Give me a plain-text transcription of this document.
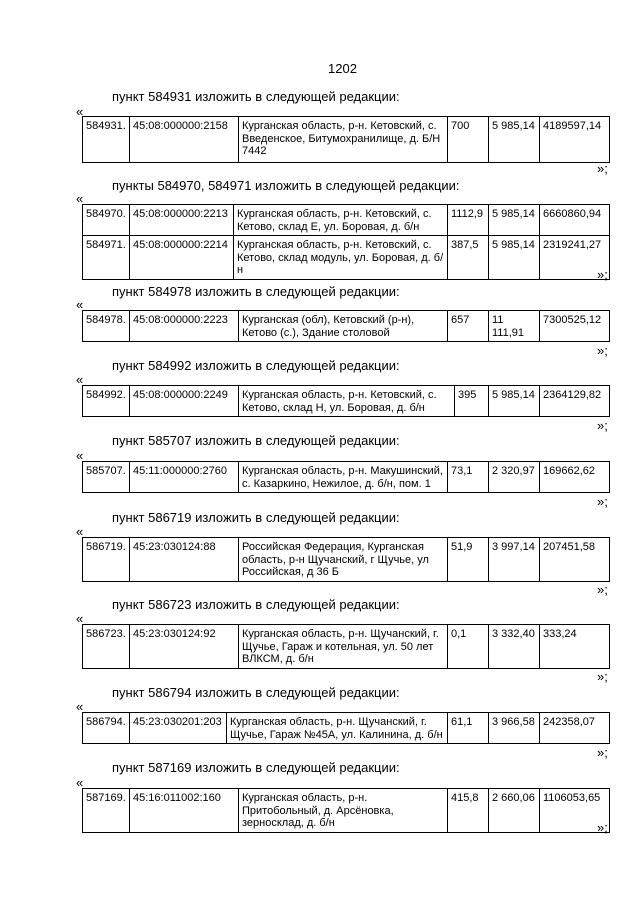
1202
пункт 584931 изложить в следующей редакции:
«
584931.	45:08:000000:2158	Курганская область, р-н. Кетовский, с. Введенское, Битумохранилище, д. Б/Н 7442	700	5 985,14	4189597,14
»;
пункты 584970, 584971 изложить в следующей редакции:
«
584970.	45:08:000000:2213	Курганская область, р-н. Кетовский, с. Кетово, склад Е, ул. Боровая, д. б/н	1112,9	5 985,14	6660860,94
584971.	45:08:000000:2214	Курганская область, р-н. Кетовский, с. Кетово, склад модуль, ул. Боровая, д. б/н	387,5	5 985,14	2319241,27
»;
пункт 584978 изложить в следующей редакции:
«
584978.	45:08:000000:2223	Курганская (обл), Кетовский (р-н), Кетово (с.), Здание столовой	657	11 111,91	7300525,12
»;
пункт 584992 изложить в следующей редакции:
«
584992.	45:08:000000:2249	Курганская область, р-н. Кетовский, с. Кетово, склад Н, ул. Боровая, д. б/н	395	5 985,14	2364129,82
»;
пункт 585707 изложить в следующей редакции:
«
585707.	45:11:000000:2760	Курганская область, р-н. Макушинский, с. Казаркино, Нежилое, д. б/н, пом. 1	73,1	2 320,97	169662,62
»;
пункт 586719 изложить в следующей редакции:
«
586719.	45:23:030124:88	Российская Федерация, Курганская область, р-н Щучанский, г Щучье, ул Российская, д 36 Б	51,9	3 997,14	207451,58
»;
пункт 586723 изложить в следующей редакции:
«
586723.	45:23:030124:92	Курганская область, р-н. Щучанский, г. Щучье, Гараж и котельная, ул. 50 лет ВЛКСМ, д. б/н	0,1	3 332,40	333,24
»;
пункт 586794 изложить в следующей редакции:
«
586794.	45:23:030201:203	Курганская область, р-н. Щучанский, г. Щучье, Гараж №45А, ул. Калинина, д. б/н	61,1	3 966,58	242358,07
»;
пункт 587169 изложить в следующей редакции:
«
587169.	45:16:011002:160	Курганская область, р-н. Притобольный, д. Арсёновка, зерносклад, д. б/н	415,8	2 660,06	1106053,65
»;
